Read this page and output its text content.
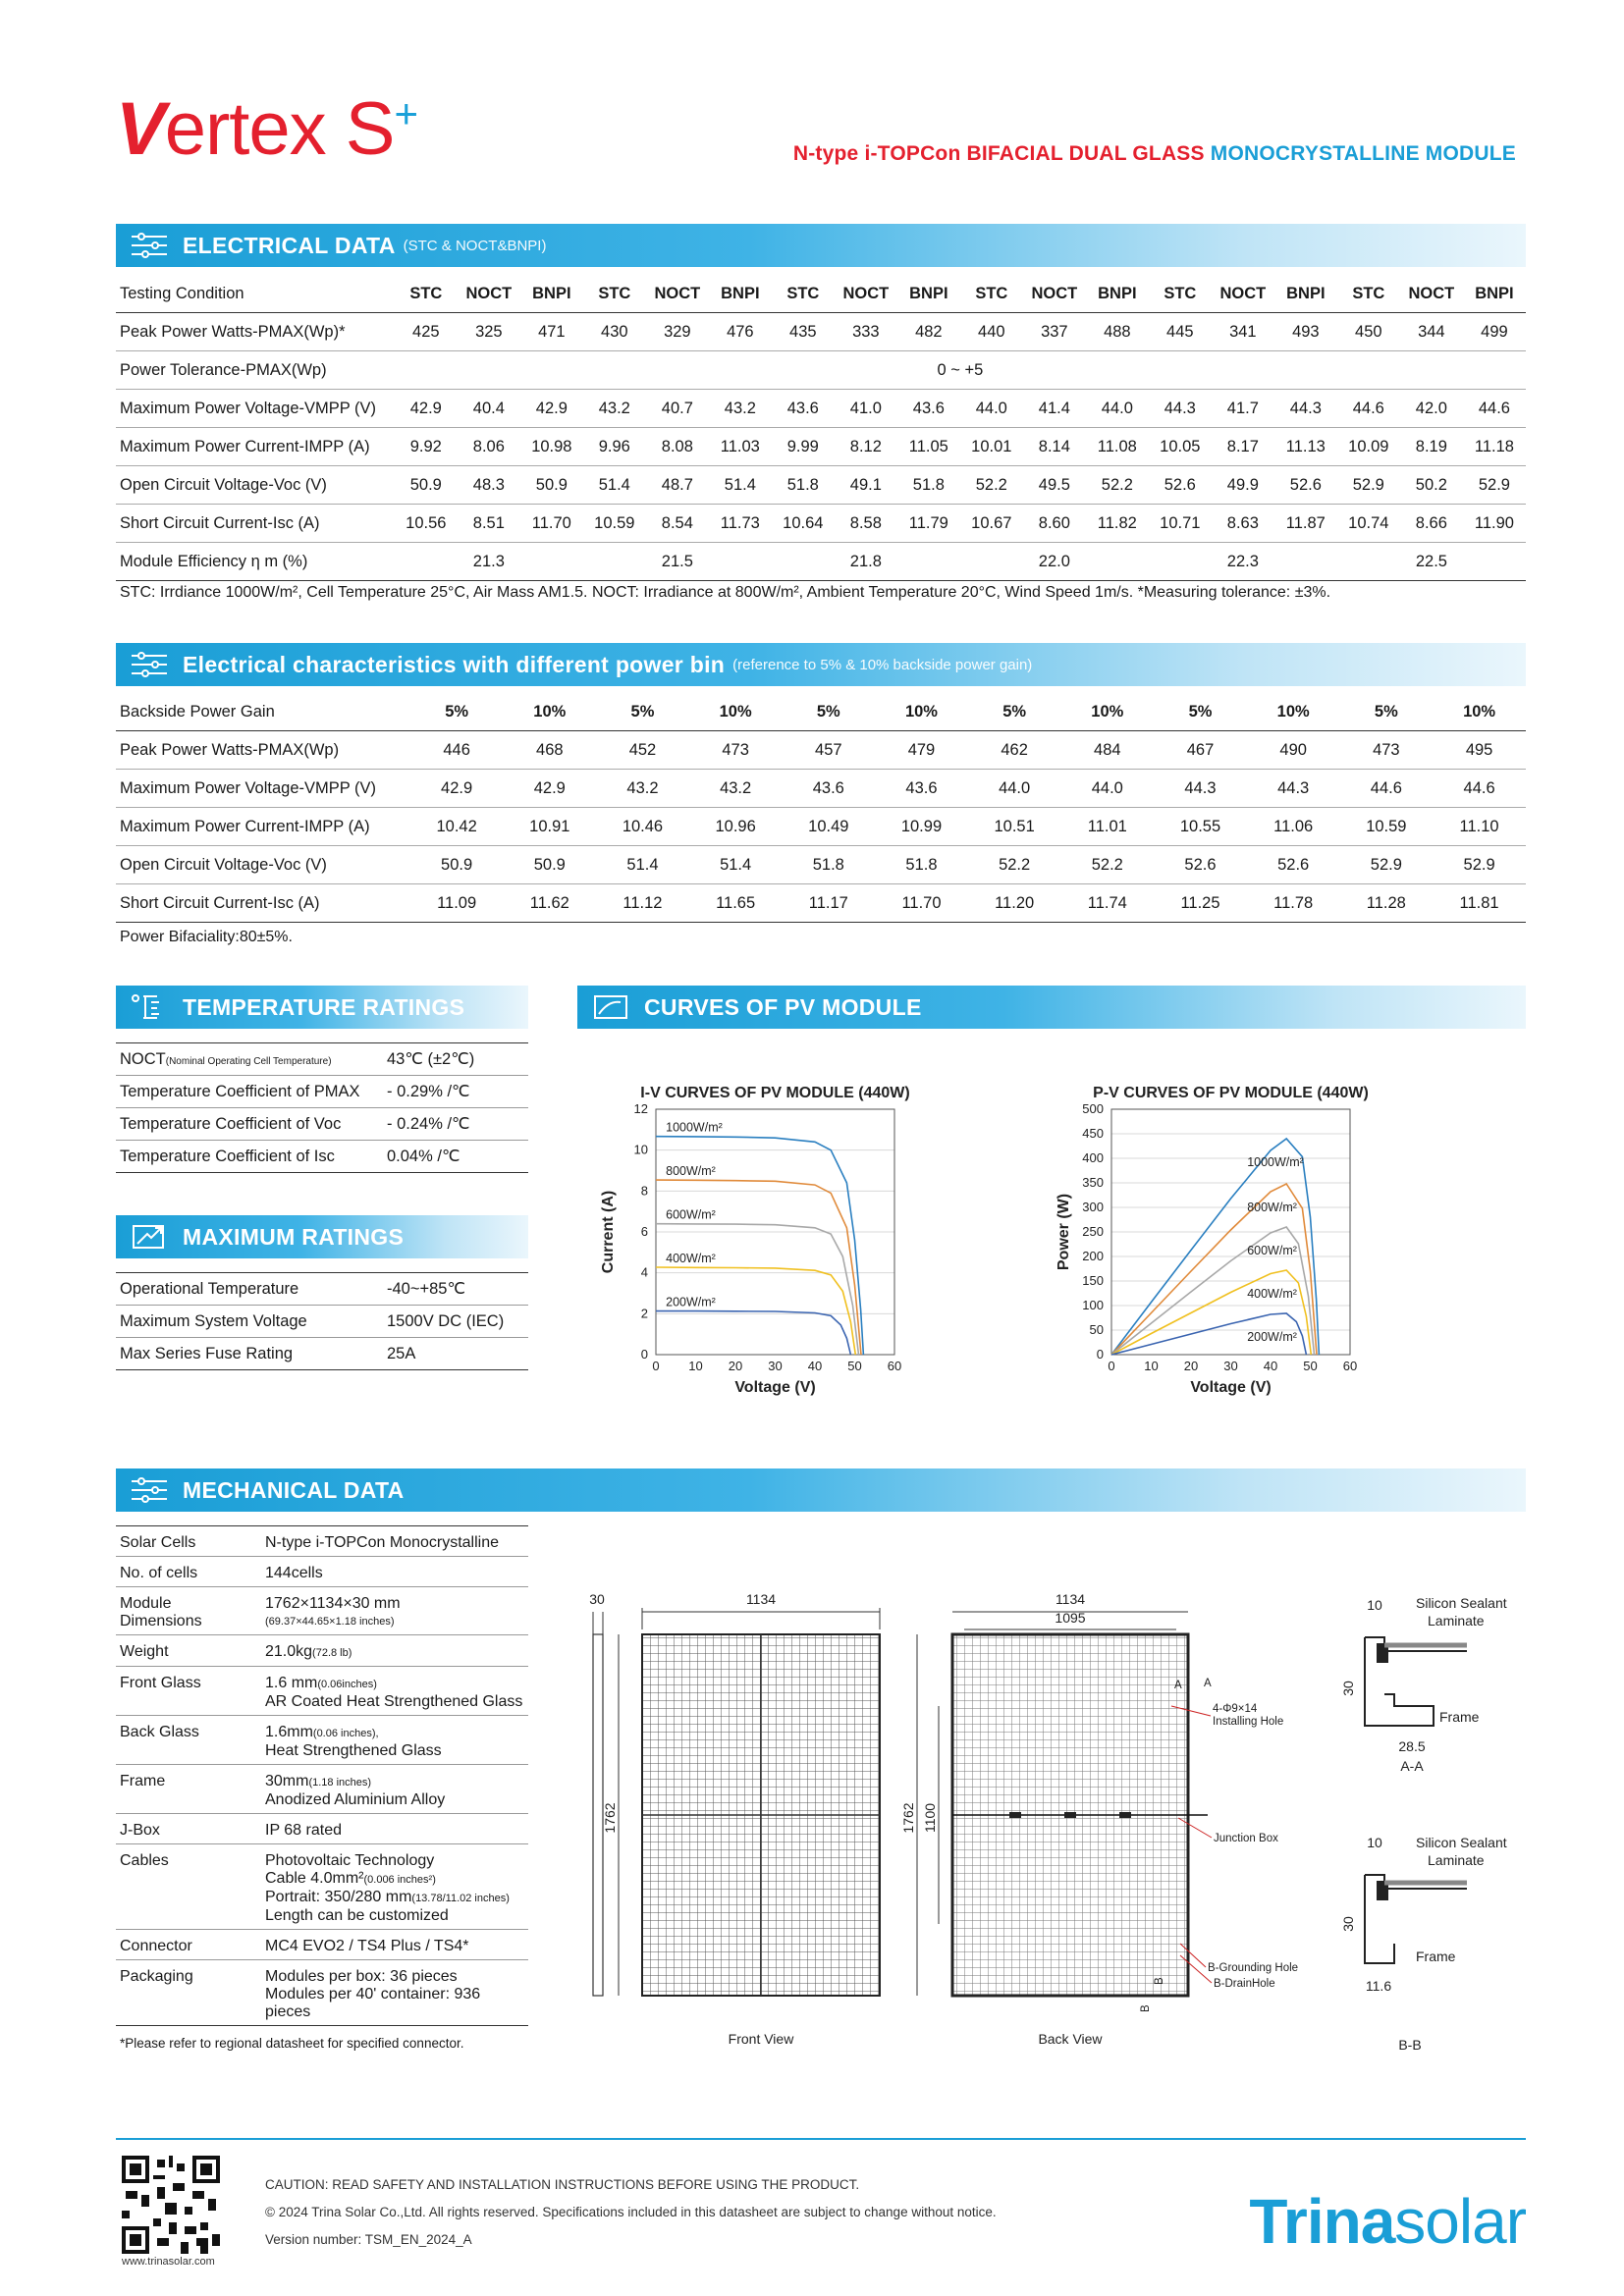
Vertex S+
N-type i-TOPCon BIFACIAL DUAL GLASS MONOCRYSTALLINE MODULE
ELECTRICAL DATA (STC & NOCT&BNPI)
Testing Condition	STC	NOCT	BNPI	STC	NOCT	BNPI	STC	NOCT	BNPI	STC	NOCT	BNPI	STC	NOCT	BNPI	STC	NOCT	BNPI
Peak Power Watts-PMAX(Wp)*	425	325	471	430	329	476	435	333	482	440	337	488	445	341	493	450	344	499
Power Tolerance-PMAX(Wp)	0 ~ +5																	
Maximum Power Voltage-VMPP (V)	42.9	40.4	42.9	43.2	40.7	43.2	43.6	41.0	43.6	44.0	41.4	44.0	44.3	41.7	44.3	44.6	42.0	44.6
Maximum Power Current-IMPP (A)	9.92	8.06	10.98	9.96	8.08	11.03	9.99	8.12	11.05	10.01	8.14	11.08	10.05	8.17	11.13	10.09	8.19	11.18
Open Circuit Voltage-Voc (V)	50.9	48.3	50.9	51.4	48.7	51.4	51.8	49.1	51.8	52.2	49.5	52.2	52.6	49.9	52.6	52.9	50.2	52.9
Short Circuit Current-Isc (A)	10.56	8.51	11.70	10.59	8.54	11.73	10.64	8.58	11.79	10.67	8.60	11.82	10.71	8.63	11.87	10.74	8.66	11.90
Module Efficiency η m (%)	21.3			21.5			21.8			22.0			22.3			22.5		
STC: Irrdiance 1000W/m², Cell Temperature 25°C, Air Mass AM1.5. NOCT: Irradiance at 800W/m², Ambient Temperature 20°C, Wind Speed 1m/s. *Measuring tolerance: ±3%.
Electrical characteristics with different power bin (reference to 5% & 10% backside power gain)
Backside Power Gain	5%	10%	5%	10%	5%	10%	5%	10%	5%	10%	5%	10%
Peak Power Watts-PMAX(Wp)	446	468	452	473	457	479	462	484	467	490	473	495
Maximum Power Voltage-VMPP (V)	42.9	42.9	43.2	43.2	43.6	43.6	44.0	44.0	44.3	44.3	44.6	44.6
Maximum Power Current-IMPP (A)	10.42	10.91	10.46	10.96	10.49	10.99	10.51	11.01	10.55	11.06	10.59	11.10
Open Circuit Voltage-Voc (V)	50.9	50.9	51.4	51.4	51.8	51.8	52.2	52.2	52.6	52.6	52.9	52.9
Short Circuit Current-Isc (A)	11.09	11.62	11.12	11.65	11.17	11.70	11.20	11.74	11.25	11.78	11.28	11.81
Power Bifaciality:80±5%.
TEMPERATURE RATINGS
NOCT(Nominal Operating Cell Temperature)	43℃ (±2℃)
Temperature Coefficient of PMAX	- 0.29% /℃
Temperature Coefficient of Voc	- 0.24% /℃
Temperature Coefficient of Isc	0.04% /℃
MAXIMUM RATINGS
Operational Temperature	-40~+85℃
Maximum System Voltage	1500V DC (IEC)
Max Series Fuse Rating	25A
CURVES OF PV MODULE
I-V CURVES OF PV MODULE (440W)
0
2
4
6
8
10
12
0 10 20 30 40 50 60
Voltage (V)
Current (A)
1000W/m²
800W/m²
600W/m²
400W/m²
200W/m²
P-V CURVES OF PV MODULE (440W)
0
50
100
150
200
250
300
350
400
450
500
0 10 20 30 40 50 60
Voltage (V)
Power (W)
1000W/m²
800W/m²
600W/m²
400W/m²
200W/m²
MECHANICAL DATA
Solar Cells	N-type i-TOPCon Monocrystalline
No. of cells	144cells
Module Dimensions	1762×1134×30 mm
(69.37×44.65×1.18 inches)

Weight	21.0kg(72.8 lb)
Front Glass	1.6 mm(0.06inches)
AR Coated Heat Strengthened Glass

Back Glass	1.6mm(0.06 inches),
Heat Strengthened Glass

Frame	30mm(1.18 inches)
Anodized Aluminium Alloy

J-Box	IP 68 rated
Cables	Photovoltaic Technology
Cable 4.0mm²(0.006 inches²)
Portrait: 350/280 mm(13.78/11.02 inches)
Length can be customized

Connector	MC4 EVO2 / TS4 Plus / TS4*
Packaging	Modules per box: 36 pieces
Modules per 40' container: 936 pieces
*Please refer to regional datasheet for specified connector.
30	1134
1762
Front View
1134
1095
1762 1100
A A
4-Φ9×14
Installing Hole
Junction Box
B-Grounding Hole
B-DrainHole
B
B
Back View
10 Silicon Sealant
Laminate
30
Frame
28.5
A-A
10 Silicon Sealant
Laminate
30
Frame
11.6
B-B
www.trinasolar.com
CAUTION: READ SAFETY AND INSTALLATION INSTRUCTIONS BEFORE USING THE PRODUCT.
© 2024 Trina Solar Co.,Ltd. All rights reserved. Specifications included in this datasheet are subject to change without notice.
Version number: TSM_EN_2024_A	Trinasolar
